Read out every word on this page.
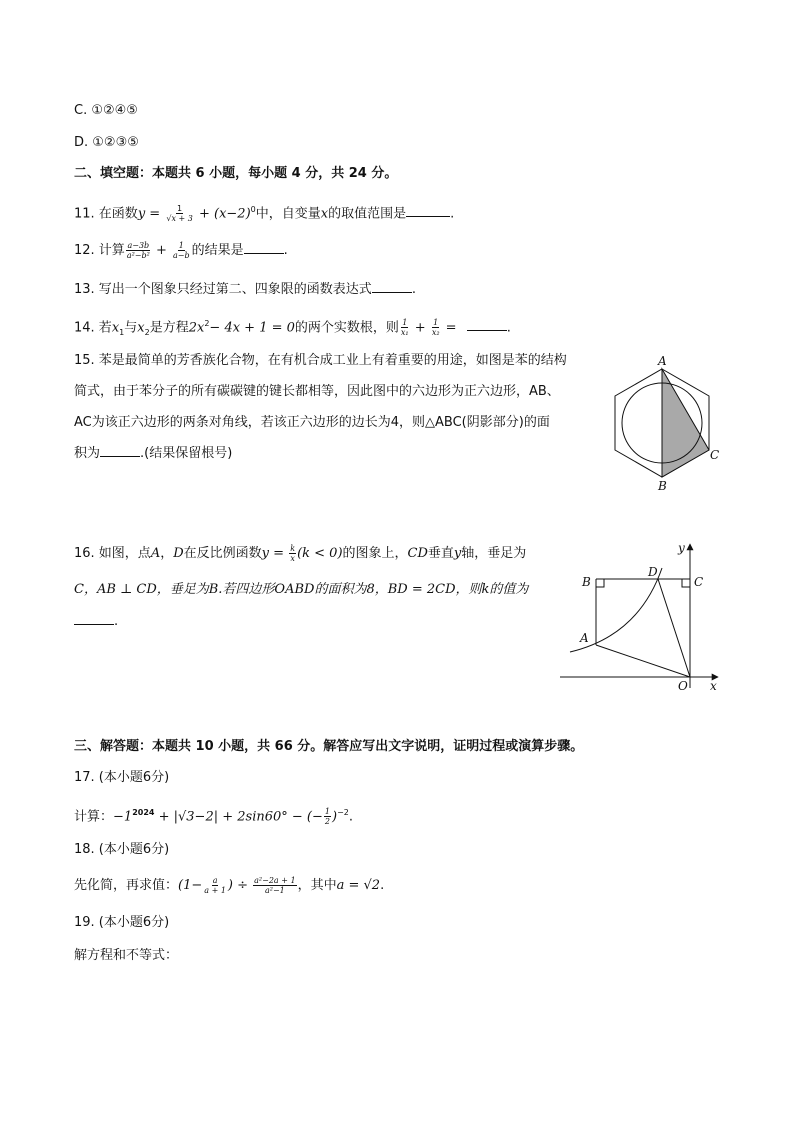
C. ①②④⑤
D. ①②③⑤
二、填空题：本题共 6 小题，每小题 4 分，共 24 分。
11. 在函数$y = \frac{1}{√x + 3} + (x-2)^0$中，自变量x的取值范围是	.
12. 计算 $\frac{a-3b}{\text{a²−b²}} + \frac{1}{a-b}$ 的结果是	.
13. 写出一个图象只经过第二、四象限的函数表达式	.
14. 若$x_1$与$x_2$是方程$2x^2- 4x + 1 = 0$的两个实数根，则 $\frac{1}{\text{x₁}} + \frac{1}{\text{x₂}}$ =	.
15. 苯是最简单的芳香族化合物，在有机合成工业上有着重要的用途，如图是苯的结构
简式，由于苯分子的所有碳碳键的键长都相等，因此图中的六边形为正六边形，AB、
AC为该正六边形的两条对角线，若该正六边形的边长为4，则△ABC(阴影部分)的面
积为	.(结果保留根号)
A
B
C
16. 如图，点A，D在反比例函数$y = \frac{k}{x} (k < 0)$的图象上，CD垂直y轴，垂足为
C，AB ⊥ CD，垂足为B.若四边形OABD的面积为8，BD = 2CD，则k的值为
.
B
D
C
A
O x
y
三、解答题：本题共 10 小题，共 66 分。解答应写出文字说明，证明过程或演算步骤。
17. (本小题6分)
计算：$-1^{2024} + |√3-2| + 2\sin 60^\circ$ − (− $\frac{1}{2} )^{-2}$.
18. (本小题6分)
先化简，再求值：($1- \frac{a}{a + 1}$ ) ÷ $\frac{\text{a²−2a + 1}}{\text{a²−1}}$ ，其中a = √2.
19. (本小题6分)
解方程和不等式：
